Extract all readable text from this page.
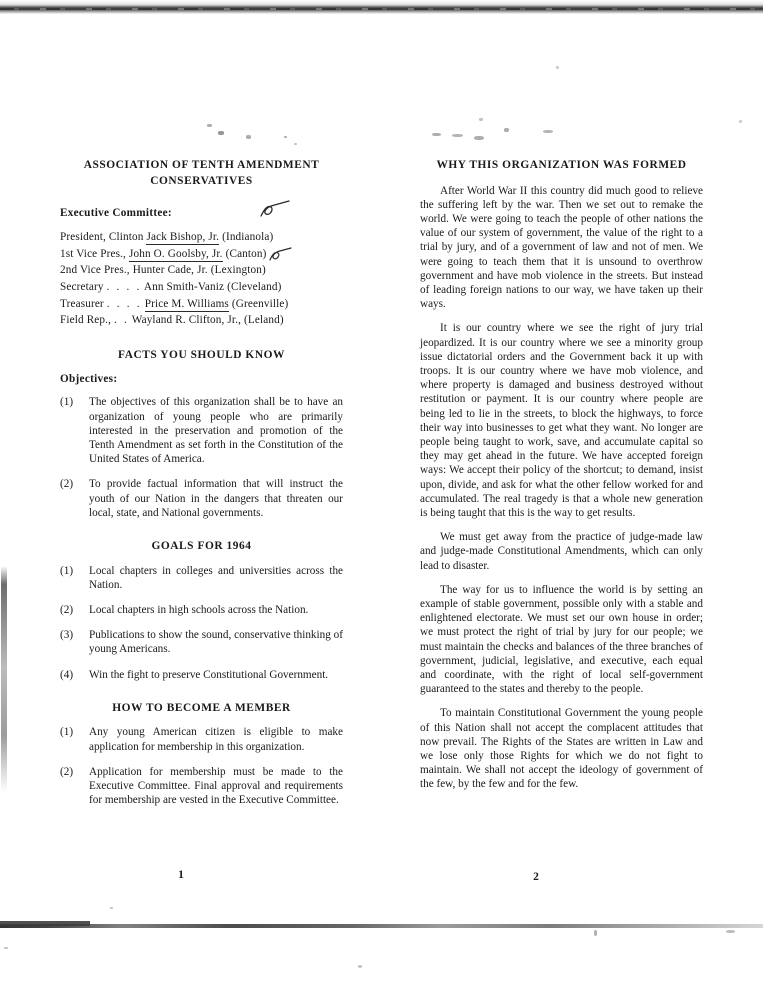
ASSOCIATION OF TENTH AMENDMENT
CONSERVATIVES
Executive Committee:
President, Clinton Jack Bishop, Jr. (Indianola)
1st Vice Pres., John O. Goolsby, Jr. (Canton)
2nd Vice Pres., Hunter Cade, Jr. (Lexington)
Secretary . . . . Ann Smith-Vaniz (Cleveland)
Treasurer . . . . Price M. Williams (Greenville)
Field Rep., . . Wayland R. Clifton, Jr., (Leland)
FACTS YOU SHOULD KNOW
Objectives:
(1)	The objectives of this organization shall be to have an organization of young people who are primarily interested in the preservation and promotion of the Tenth Amendment as set forth in the Constitution of the United States of America.
(2)	To provide factual information that will instruct the youth of our Nation in the dangers that threaten our local, state, and National governments.
GOALS FOR 1964
(1)	Local chapters in colleges and universities across the Nation.
(2)	Local chapters in high schools across the Nation.
(3)	Publications to show the sound, conservative thinking of young Americans.
(4)	Win the fight to preserve Constitutional Government.
HOW TO BECOME A MEMBER
(1)	Any young American citizen is eligible to make application for membership in this organization.
(2)	Application for membership must be made to the Executive Committee. Final approval and requirements for membership are vested in the Executive Committee.
WHY THIS ORGANIZATION WAS FORMED

After World War II this country did much good to relieve the suffering left by the war. Then we set out to remake the world. We were going to teach the people of other nations the value of our system of government, the value of the right to a trial by jury, and of a government of law and not of men. We were going to teach them that it is unsound to overthrow government and have mob violence in the streets. But instead of leading foreign nations to our way, we have taken up their ways.

It is our country where we see the right of jury trial jeopardized. It is our country where we see a minority group issue dictatorial orders and the Government back it up with troops. It is our country where we have mob violence, and where property is damaged and business destroyed without restitution or payment. It is our country where people are being led to lie in the streets, to block the highways, to force their way into businesses to get what they want. No longer are people being taught to work, save, and accumulate capital so they may get ahead in the future. We have accepted foreign ways: We accept their policy of the shortcut; to demand, insist upon, divide, and ask for what the other fellow worked for and accumulated. The real tragedy is that a whole new generation is being taught that this is the way to get results.

We must get away from the practice of judge-made law and judge-made Constitutional Amendments, which can only lead to disaster.

The way for us to influence the world is by setting an example of stable government, possible only with a stable and enlightened electorate. We must set our own house in order; we must protect the right of trial by jury for our people; we must maintain the checks and balances of the three branches of government, judicial, legislative, and executive, each equal and coordinate, with the right of local self-government guaranteed to the states and thereby to the people.

To maintain Constitutional Government the young people of this Nation shall not accept the complacent attitudes that now prevail. The Rights of the States are written in Law and we lose only those Rights for which we do not fight to maintain. We shall not accept the ideology of government of the few, by the few and for the few.

1	2
